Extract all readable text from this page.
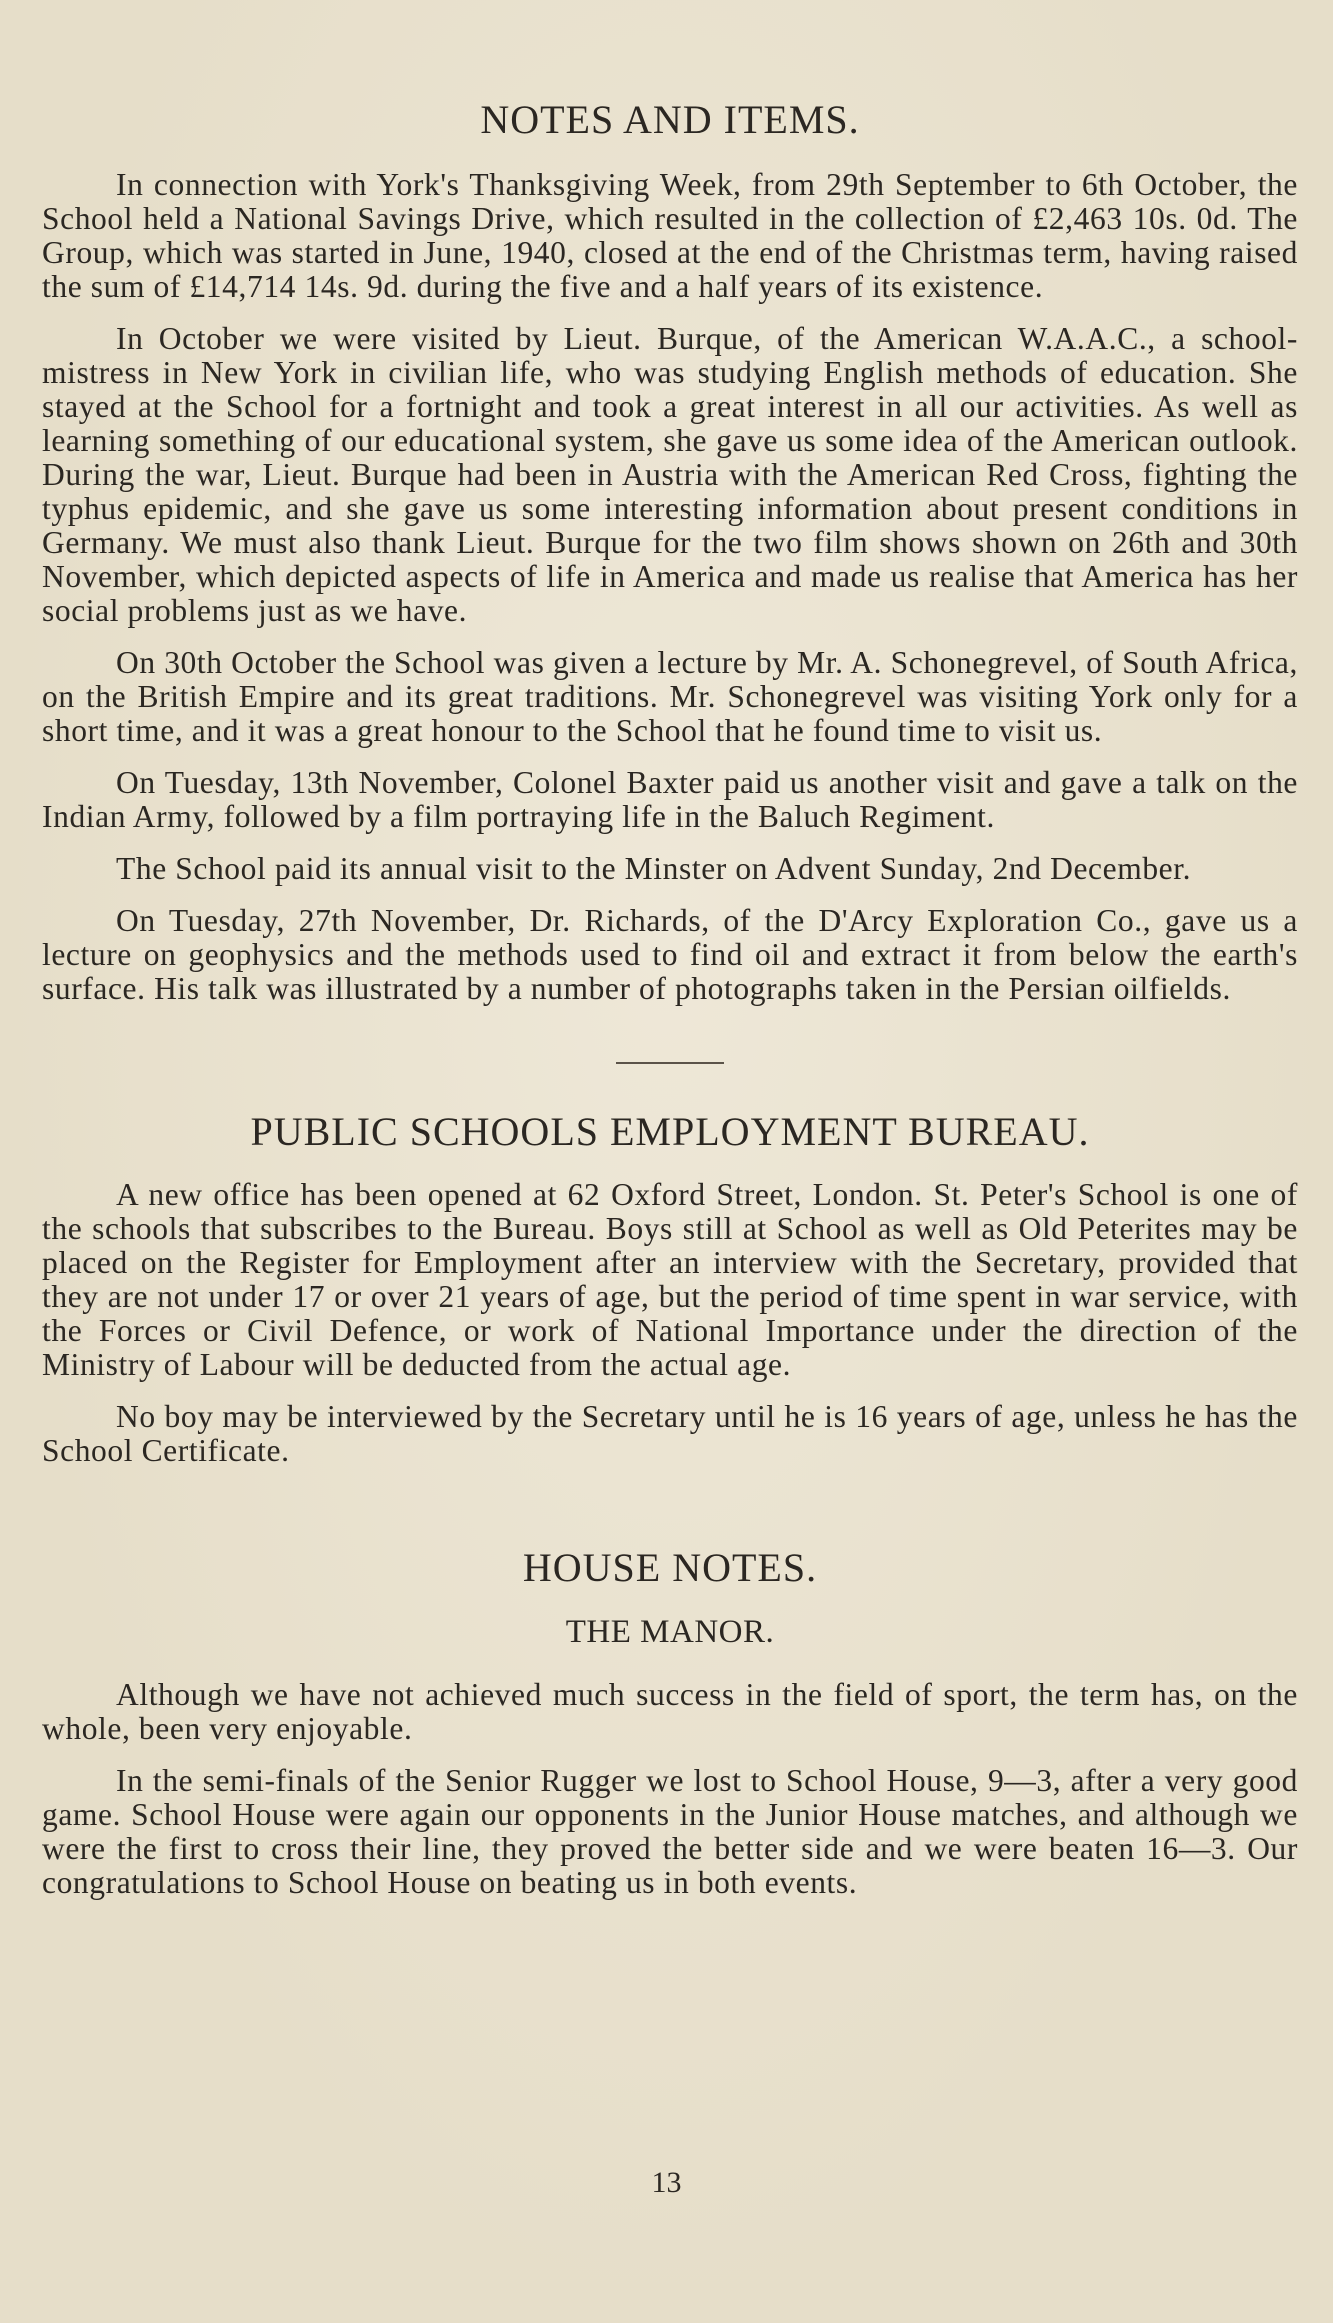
NOTES AND ITEMS.

In connection with York's Thanksgiving Week, from 29th September to 6th October, the School held a National Savings Drive, which resulted in the collection of £2,463 10s. 0d. The Group, which was started in June, 1940, closed at the end of the Christmas term, having raised the sum of £14,714 14s. 9d. during the five and a half years of its existence.

In October we were visited by Lieut. Burque, of the American W.A.A.C., a school-mistress in New York in civilian life, who was studying English methods of education. She stayed at the School for a fortnight and took a great interest in all our activities. As well as learning something of our educational system, she gave us some idea of the American outlook. During the war, Lieut. Burque had been in Austria with the American Red Cross, fighting the typhus epidemic, and she gave us some interesting information about present conditions in Germany. We must also thank Lieut. Burque for the two film shows shown on 26th and 30th November, which depicted aspects of life in America and made us realise that America has her social problems just as we have.

On 30th October the School was given a lecture by Mr. A. Schonegrevel, of South Africa, on the British Empire and its great traditions. Mr. Schonegrevel was visiting York only for a short time, and it was a great honour to the School that he found time to visit us.

On Tuesday, 13th November, Colonel Baxter paid us another visit and gave a talk on the Indian Army, followed by a film portraying life in the Baluch Regiment.

The School paid its annual visit to the Minster on Advent Sunday, 2nd December.

On Tuesday, 27th November, Dr. Richards, of the D'Arcy Exploration Co., gave us a lecture on geophysics and the methods used to find oil and extract it from below the earth's surface. His talk was illustrated by a number of photographs taken in the Persian oilfields.

PUBLIC SCHOOLS EMPLOYMENT BUREAU.

A new office has been opened at 62 Oxford Street, London. St. Peter's School is one of the schools that subscribes to the Bureau. Boys still at School as well as Old Peterites may be placed on the Register for Employment after an interview with the Secretary, provided that they are not under 17 or over 21 years of age, but the period of time spent in war service, with the Forces or Civil Defence, or work of National Importance under the direction of the Ministry of Labour will be deducted from the actual age.

No boy may be interviewed by the Secretary until he is 16 years of age, unless he has the School Certificate.

HOUSE NOTES.
THE MANOR.

Although we have not achieved much success in the field of sport, the term has, on the whole, been very enjoyable.

In the semi-finals of the Senior Rugger we lost to School House, 9—3, after a very good game. School House were again our opponents in the Junior House matches, and although we were the first to cross their line, they proved the better side and we were beaten 16—3. Our congratulations to School House on beating us in both events.

13
